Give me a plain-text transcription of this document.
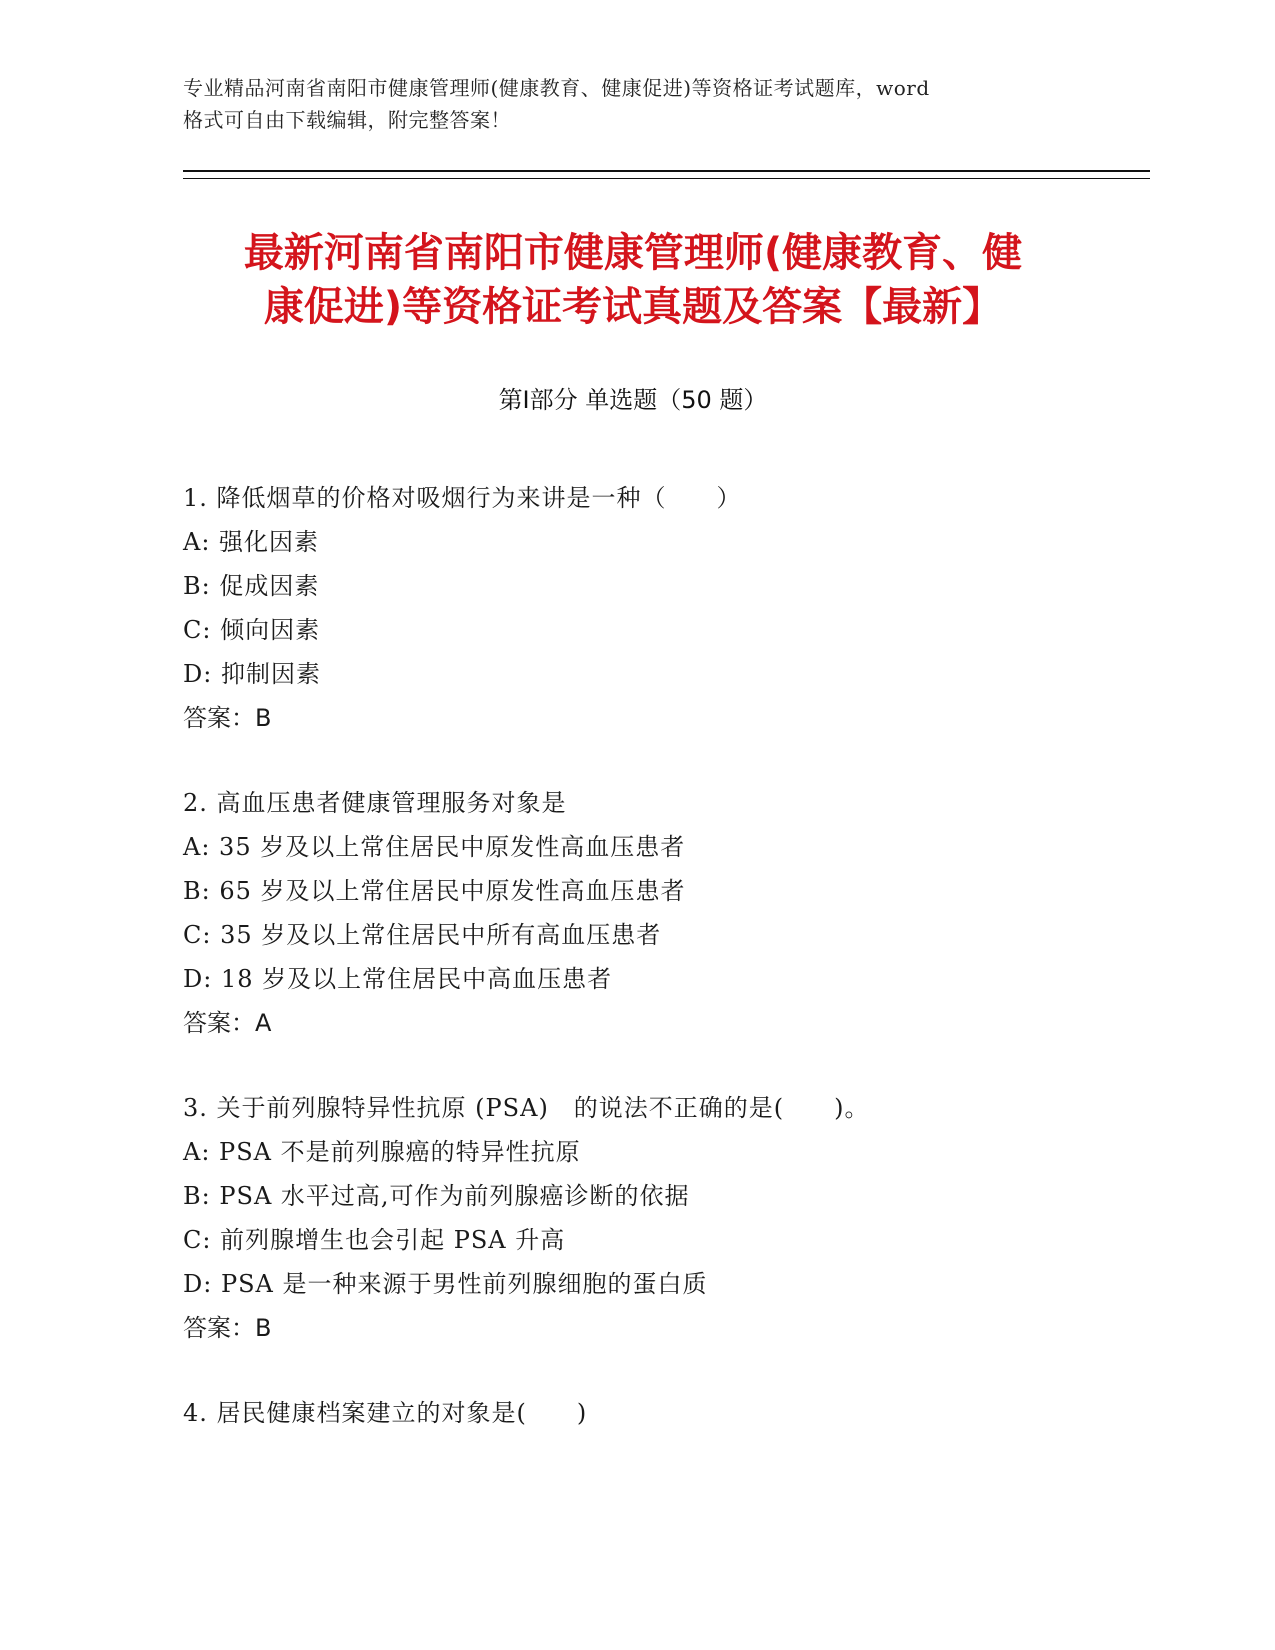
专业精品河南省南阳市健康管理师(健康教育、健康促进)等资格证考试题库，word
格式可自由下载编辑，附完整答案！
最新河南省南阳市健康管理师(健康教育、健
康促进)等资格证考试真题及答案【最新】
第Ⅰ部分 单选题（50 题）
1. 降低烟草的价格对吸烟行为来讲是一种（　　）
A: 强化因素
B: 促成因素
C: 倾向因素
D: 抑制因素
答案：B
2. 高血压患者健康管理服务对象是
A: 35 岁及以上常住居民中原发性高血压患者
B: 65 岁及以上常住居民中原发性高血压患者
C: 35 岁及以上常住居民中所有高血压患者
D: 18 岁及以上常住居民中高血压患者
答案：A
3. 关于前列腺特异性抗原 (PSA)　的说法不正确的是(　　)。
A: PSA 不是前列腺癌的特异性抗原
B: PSA 水平过高,可作为前列腺癌诊断的依据
C: 前列腺增生也会引起 PSA 升高
D: PSA 是一种来源于男性前列腺细胞的蛋白质
答案：B
4. 居民健康档案建立的对象是(　　)
